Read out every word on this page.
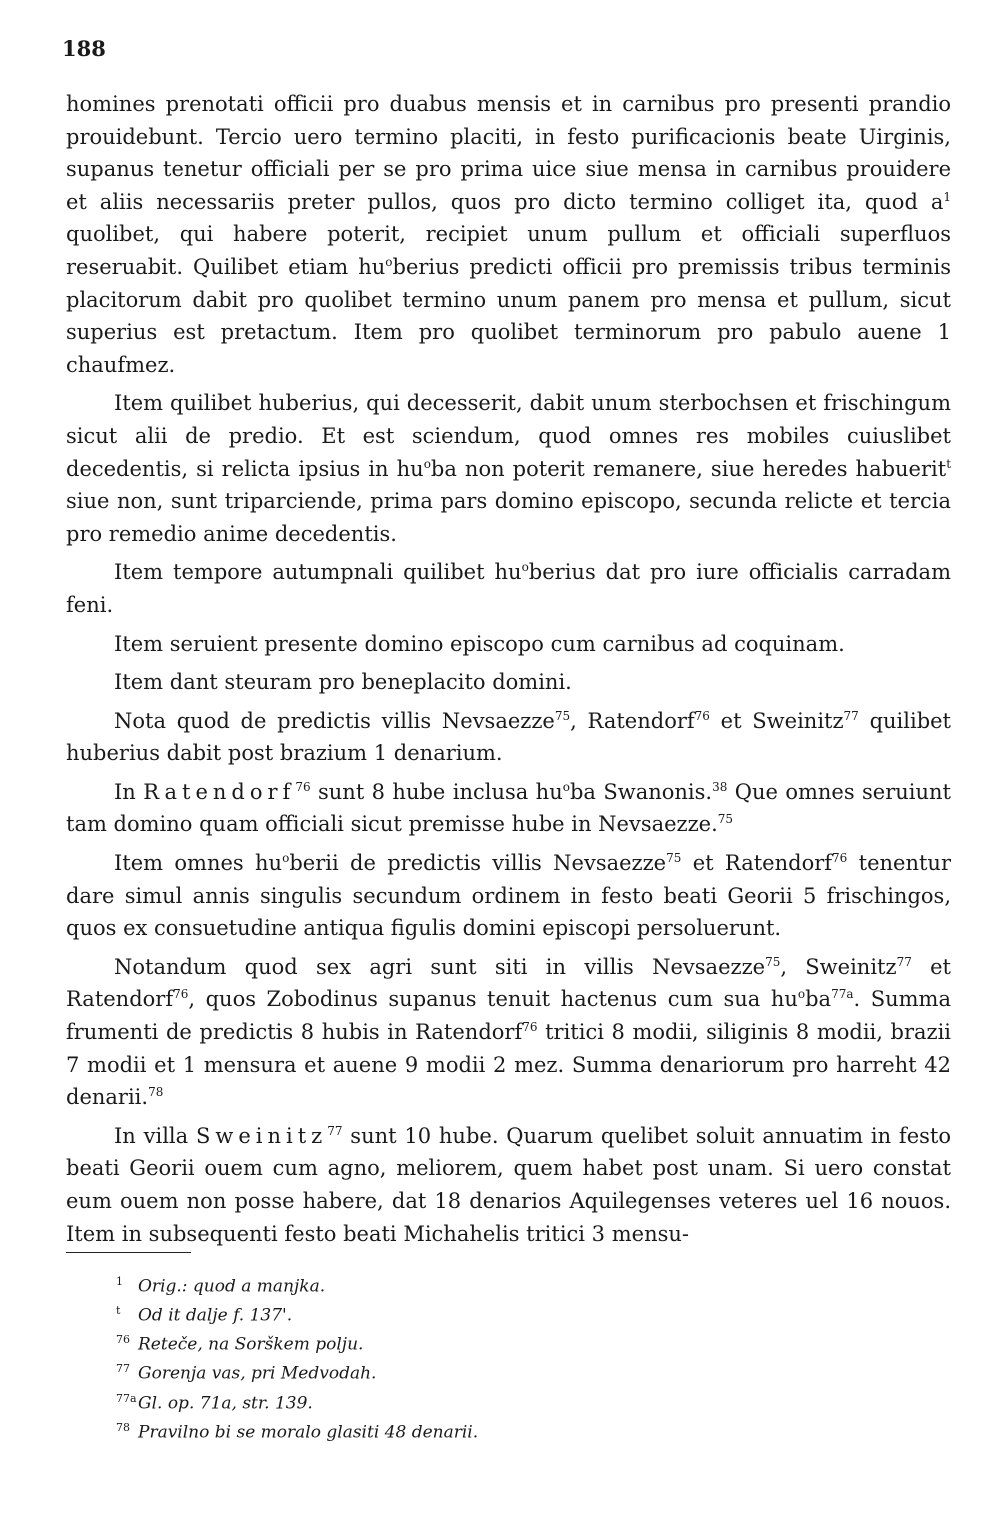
188

homines prenotati officii pro duabus mensis et in carnibus pro presenti prandio prouidebunt. Tercio uero termino placiti, in festo purificacionis beate Uirginis, supanus tenetur officiali per se pro prima uice siue mensa in carnibus prouidere et aliis necessariis preter pullos, quos pro dicto termino colliget ita, quod $a^1$ quolibet, qui habere poterit, recipiet unum pullum et officiali superfluos reseruabit. Quilibet etiam $hu^oberius$ predicti officii pro premissis tribus terminis placitorum dabit pro quolibet termino unum panem pro mensa et pullum, sicut superius est pretactum. Item pro quolibet terminorum pro pabulo auene 1 chaufmez.

Item quilibet huberius, qui decesserit, dabit unum sterbochsen et frischingum sicut alii de predio. Et est sciendum, quod omnes res mobiles cuiuslibet decedentis, si relicta ipsius in $hu^oba$ non poterit remanere, siue heredes habuerit$^t$ siue non, sunt triparciende, prima pars domino episcopo, secunda relicte et tercia pro remedio anime decedentis.

Item tempore autumpnali quilibet $hu^oberius$ dat pro iure officialis carradam feni.

Item seruient presente domino episcopo cum carnibus ad coquinam.

Item dant steuram pro beneplacito domini.

Nota quod de predictis villis Nevsaezze$^{75}$, Ratendorf$^{76}$ et Sweinitz$^{77}$ quilibet huberius dabit post brazium 1 denarium.

In Ratendorf$^{76}$ sunt 8 hube inclusa $hu^oba$ Swanonis.$^{38}$ Que omnes seruiunt tam domino quam officiali sicut premisse hube in Nevsaezze.$^{75}$

Item omnes $hu^oberii$ de predictis villis Nevsaezze$^{75}$ et Ratendorf$^{76}$ tenentur dare simul annis singulis secundum ordinem in festo beati Georii 5 frischingos, quos ex consuetudine antiqua figulis domini episcopi persoluerunt.

Notandum quod sex agri sunt siti in villis Nevsaezze$^{75}$, Sweinitz$^{77}$ et Ratendorf$^{76}$, quos Zobodinus supanus tenuit hactenus cum sua $hu^oba^{77a}$. Summa frumenti de predictis 8 hubis in Ratendorf$^{76}$ tritici 8 modii, siliginis 8 modii, brazii 7 modii et 1 mensura et auene 9 modii 2 mez. Summa denariorum pro harreht 42 denarii.$^{78}$

In villa Sweinitz$^{77}$ sunt 10 hube. Quarum quelibet soluit annuatim in festo beati Georii ouem cum agno, meliorem, quem habet post unam. Si uero constat eum ouem non posse habere, dat 18 denarios Aquilegenses veteres uel 16 nouos. Item in subsequenti festo beati Michahelis tritici 3 mensu-

1 Orig.: quod a manjka.
t Od it dalje f. 137'.
76 Reteče, na Sorškem polju.
77 Gorenja vas, pri Medvodah.
77aGl. op. 71a, str. 139.
78 Pravilno bi se moralo glasiti 48 denarii.
